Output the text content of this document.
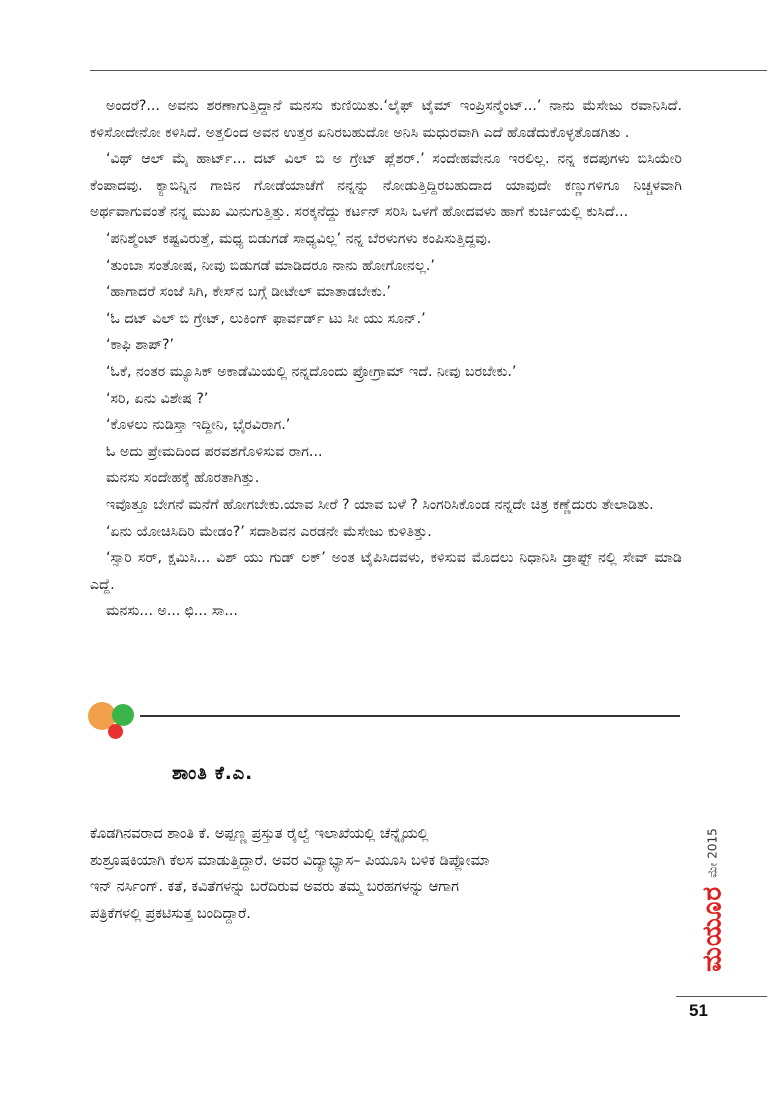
ಅಂದರೆ?... ಅವನು ಶರಣಾಗುತ್ತಿದ್ದಾನೆ ಮನಸು ಕುಣಿಯಿತು.‘ಲೈಫ್ ಟೈಮ್ ಇಂಪ್ರಿಸನ್ಮೆಂಟ್...’ ನಾನು ಮೆಸೇಜು ರವಾನಿಸಿದೆ. ಕಳಿಸೋದೇನೋ ಕಳಿಸಿದೆ. ಅತ್ತಲಿಂದ ಅವನ ಉತ್ತರ ಏನಿರಬಹುದೋ ಅನಿಸಿ ಮಧುರವಾಗಿ ಎದೆ ಹೊಡೆದುಕೊಳ್ಳತೊಡಗಿತು .

‘ವಿಥ್ ಆಲ್ ಮೈ ಹಾರ್ಟ್... ದಟ್ ವಿಲ್ ಬಿ ಅ ಗ್ರೇಟ್ ಪ್ಲೆಶರ್.’ ಸಂದೇಹವೇನೂ ಇರಲಿಲ್ಲ. ನನ್ನ ಕದಪುಗಳು ಬಿಸಿಯೇರಿ ಕೆಂಪಾದವು. ಕ್ಯಾಬಿನ್ನಿನ ಗಾಜಿನ ಗೋಡೆಯಾಚೆಗೆ ನನ್ನನ್ನು ನೋಡುತ್ತಿದ್ದಿರಬಹುದಾದ ಯಾವುದೇ ಕಣ್ಣುಗಳಿಗೂ ನಿಚ್ಚಳವಾಗಿ ಅರ್ಥವಾಗುವಂತೆ ನನ್ನ ಮುಖ ಮಿನುಗುತ್ತಿತ್ತು. ಸರಕ್ಕನೆದ್ದು ಕರ್ಟನ್ ಸರಿಸಿ ಒಳಗೆ ಹೋದವಳು ಹಾಗೆ ಕುರ್ಚಿಯಲ್ಲಿ ಕುಸಿದೆ...

‘ಪನಿಶ್ಮೆಂಟ್ ಕಷ್ಟವಿರುತ್ತೆ, ಮಧ್ಯ ಬಿಡುಗಡೆ ಸಾಧ್ಯವಿಲ್ಲ’ ನನ್ನ ಬೆರಳುಗಳು ಕಂಪಿಸುತ್ತಿದ್ದವು.

‘ತುಂಬಾ ಸಂತೋಷ, ನೀವು ಬಿಡುಗಡೆ ಮಾಡಿದರೂ ನಾನು ಹೋಗೋನಲ್ಲ.’

‘ಹಾಗಾದರೆ ಸಂಜೆ ಸಿಗಿ, ಕೇಸ್‌ನ ಬಗ್ಗೆ ಡೀಟೇಲ್ ಮಾತಾಡಬೇಕು.’

‘ಓ ದಟ್ ವಿಲ್ ಬಿ ಗ್ರೇಟ್, ಲುಕಿಂಗ್ ಫಾರ್ವರ್ಡ್ ಟು ಸೀ ಯು ಸೂನ್.’

‘ಕಾಫಿ ಶಾಪ್?’

‘ಓಕೆ, ನಂತರ ಮ್ಯೂಸಿಕ್ ಅಕಾಡೆಮಿಯಲ್ಲಿ ನನ್ನದೊಂದು ಪ್ರೋಗ್ರಾಮ್ ಇದೆ. ನೀವು ಬರಬೇಕು.’

‘ಸರಿ, ಏನು ವಿಶೇಷ ?’

‘ಕೊಳಲು ನುಡಿಸ್ತಾ ಇದ್ದೀನಿ, ಭೈರವಿರಾಗ.’

ಓ ಅದು ಪ್ರೇಮದಿಂದ ಪರವಶಗೊಳಿಸುವ ರಾಗ...

ಮನಸು ಸಂದೇಹಕ್ಕೆ ಹೊರತಾಗಿತ್ತು.

ಇವೊತ್ತೂ ಬೇಗನೆ ಮನೆಗೆ ಹೋಗಬೇಕು.ಯಾವ ಸೀರೆ ? ಯಾವ ಬಳೆ ? ಸಿಂಗರಿಸಿಕೊಂಡ ನನ್ನದೇ ಚಿತ್ರ ಕಣ್ಣೆದುರು ತೇಲಾಡಿತು.

‘ಏನು ಯೋಚಿಸಿದಿರಿ ಮೇಡಂ?’ ಸದಾಶಿವನ ಎರಡನೇ ಮೆಸೇಜು ಕುಳಿತಿತ್ತು.

‘ಸ್ಸಾರಿ ಸರ್, ಕ್ಷಮಿಸಿ... ವಿಶ್ ಯು ಗುಡ್ ಲಕ್’ ಅಂತ ಟೈಪಿಸಿದವಳು, ಕಳಿಸುವ ಮೊದಲು ನಿಧಾನಿಸಿ ಡ್ರಾಫ್ಟ್ ನಲ್ಲಿ ಸೇವ್ ಮಾಡಿ ಎದ್ದೆ.

ಮನಸು... ಅ... ಛಿ... ಸಾ...

ಶಾಂತಿ ಕೆ.ಎ.

ಕೊಡಗಿನವರಾದ ಶಾಂತಿ ಕೆ. ಅಪ್ಪಣ್ಣ ಪ್ರಸ್ತುತ ರೈಲ್ವೆ ಇಲಾಖೆಯಲ್ಲಿ ಚೆನ್ನೈಯಲ್ಲಿ

ಶುಶ್ರೂಷಕಿಯಾಗಿ ಕೆಲಸ ಮಾಡುತ್ತಿದ್ದಾರೆ. ಅವರ ವಿದ್ಯಾಭ್ಯಾಸ– ಪಿಯೂಸಿ ಬಳಿಕ ಡಿಪ್ಲೋಮಾ

ಇನ್ ನರ್ಸಿಂಗ್. ಕತೆ, ಕವಿತೆಗಳನ್ನು ಬರೆದಿರುವ ಅವರು ತಮ್ಮ ಬರಹಗಳನ್ನು ಆಗಾಗ

ಪತ್ರಿಕೆಗಳಲ್ಲಿ ಪ್ರಕಟಿಸುತ್ತ ಬಂದಿದ್ದಾರೆ.	ಮಯೂರ
ಮೇ 2015
51
